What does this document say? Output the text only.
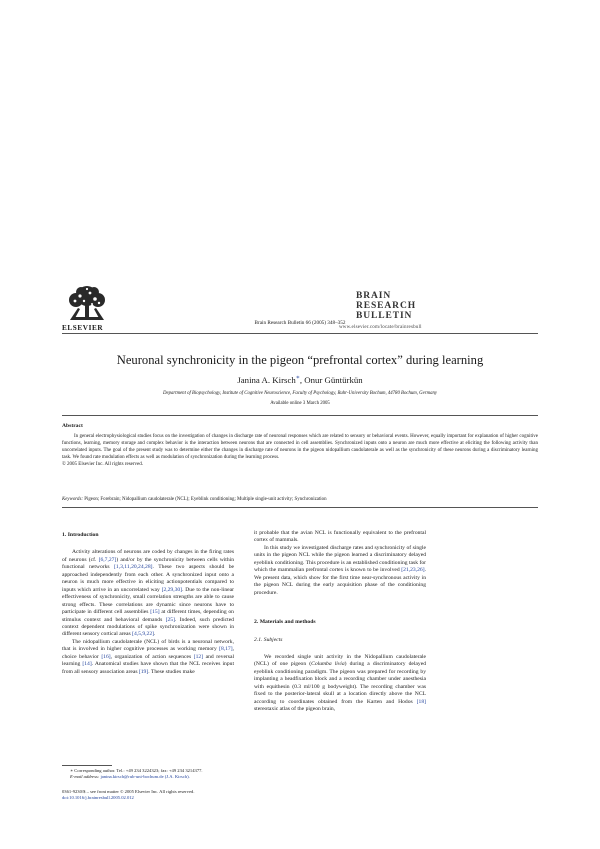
ELSEVIER
Brain Research Bulletin 66 (2005) 348–352
BRAIN
RESEARCH
BULLETIN
www.elsevier.com/locate/brainresbull
Neuronal synchronicity in the pigeon “prefrontal cortex” during learning
Janina A. Kirsch∗, Onur Güntürkün
Department of Biopsychology, Institute of Cognitive Neuroscience, Faculty of Psychology, Ruhr-University Bochum, 44780 Bochum, Germany
Available online 3 March 2005
Abstract

In general electrophysiological studies focus on the investigation of changes in discharge rate of neuronal responses which are related to sensory or behavioral events. However, equally important for explanation of higher cognitive functions, learning, memory storage and complex behavior is the interaction between neurons that are connected in cell assemblies. Synchronized inputs onto a neuron are much more effective at eliciting the following activity than uncorrelated inputs. The goal of the present study was to determine either the changes in discharge rate of neurons in the pigeon nidopallium caudolaterale as well as the synchronicity of these neurons during a discriminatory learning task. We found rate modulation effects as well as modulation of synchronization during the learning process.

© 2005 Elsevier Inc. All rights reserved.
Keywords: Pigeon; Forebrain; Nidopallium caudolaterale (NCL); Eyeblink conditioning; Multiple single-unit activity; Synchronization
1. Introduction

Activity alterations of neurons are coded by changes in the firing rates of neurons (cf. [6,7,27]) and/or by the synchronicity between cells within functional networks [1,3,11,20,24,28]. These two aspects should be approached independently from each other. A synchronized input onto a neuron is much more effective in eliciting actionpotentials compared to inputs which arrive in an uncorrelated way [2,29,30]. Due to the non-linear effectiveness of synchronicity, small correlation strengths are able to cause strong effects. These correlations are dynamic since neurons have to participate in different cell assemblies [15] at different times, depending on stimulus context and behavioral demands [25]. Indeed, such predicted context dependent modulations of spike synchronization were shown in different sensory cortical areas [4,5,9,22].

The nidopallium caudolaterale (NCL) of birds is a neuronal network, that is involved in higher cognitive processes as working memory [8,17], choice behavior [16], organization of action sequences [12] and reversal learning [14]. Anatomical studies have shown that the NCL receives input from all sensory association areas [19]. These studies make

it probable that the avian NCL is functionally equivalent to the prefrontal cortex of mammals.

In this study we investigated discharge rates and synchronicity of single units in the pigeon NCL while the pigeon learned a discriminatory delayed eyeblink conditioning. This procedure is an established conditioning task for which the mammalian prefrontal cortex is known to be involved [21,23,26]. We present data, which show for the first time near-synchronous activity in the pigeon NCL during the early acquisition phase of the conditioning procedure.

2. Materials and methods
2.1. Subjects

We recorded single unit activity in the Nidopallium caudolaterale (NCL) of one pigeon (Columba livia) during a discriminatory delayed eyeblink conditioning paradigm. The pigeon was prepared for recording by implanting a headfixation block and a recording chamber under anesthesia with equithesin (0.3 ml/100 g bodyweight). The recording chamber was fixed to the posterior-lateral skull at a location directly above the NCL according to coordinates obtained from the Karten and Hodos [18] stereotaxic atlas of the pigeon brain,

∗ Corresponding author. Tel.: +49 234 3224323; fax: +49 234 3214377.
E-mail address: janina.kirsch@rub-uni-bochum.de (J.A. Kirsch).
0361-9230/$ – see front matter © 2005 Elsevier Inc. All rights reserved.
doi:10.1016/j.brainresbull.2005.02.012
